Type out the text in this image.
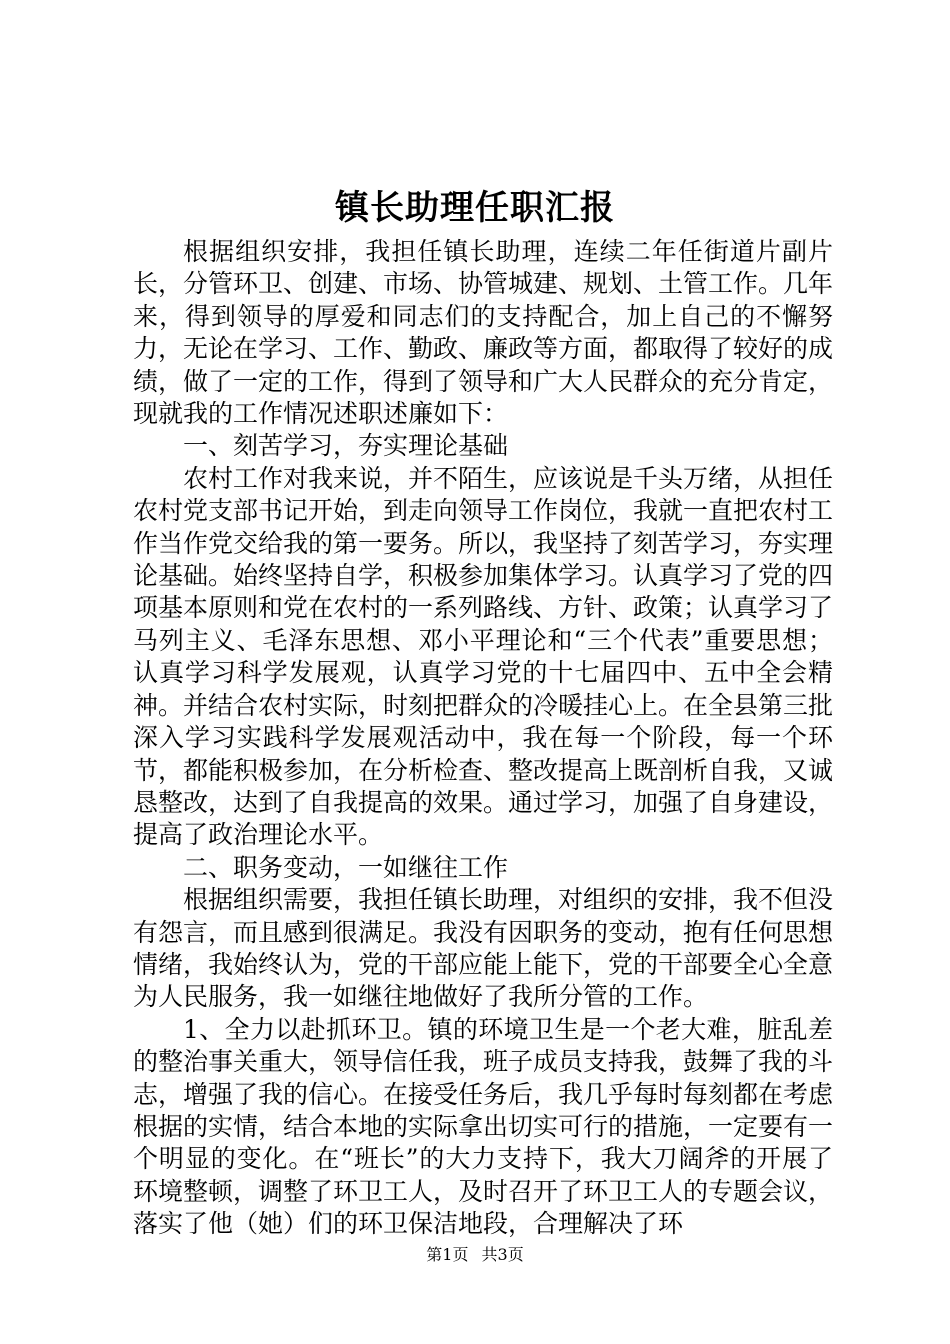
镇长助理任职汇报

根据组织安排，我担任镇长助理，连续二年任街道片副片长，分管环卫、创建、市场、协管城建、规划、土管工作。几年来，得到领导的厚爱和同志们的支持配合，加上自己的不懈努力，无论在学习、工作、勤政、廉政等方面，都取得了较好的成绩，做了一定的工作，得到了领导和广大人民群众的充分肯定，现就我的工作情况述职述廉如下：

一、刻苦学习，夯实理论基础

农村工作对我来说，并不陌生，应该说是千头万绪，从担任农村党支部书记开始，到走向领导工作岗位，我就一直把农村工作当作党交给我的第一要务。所以，我坚持了刻苦学习，夯实理论基础。始终坚持自学，积极参加集体学习。认真学习了党的四项基本原则和党在农村的一系列路线、方针、政策；认真学习了马列主义、毛泽东思想、邓小平理论和“三个代表”重要思想；认真学习科学发展观，认真学习党的十七届四中、五中全会精神。并结合农村实际，时刻把群众的冷暖挂心上。在全县第三批深入学习实践科学发展观活动中，我在每一个阶段，每一个环节，都能积极参加，在分析检查、整改提高上既剖析自我，又诚恳整改，达到了自我提高的效果。通过学习，加强了自身建设，提高了政治理论水平。

二、职务变动，一如继往工作

根据组织需要，我担任镇长助理，对组织的安排，我不但没有怨言，而且感到很满足。我没有因职务的变动，抱有任何思想情绪，我始终认为，党的干部应能上能下，党的干部要全心全意为人民服务，我一如继往地做好了我所分管的工作。

1、全力以赴抓环卫。镇的环境卫生是一个老大难，脏乱差的整治事关重大，领导信任我，班子成员支持我，鼓舞了我的斗志，增强了我的信心。在接受任务后，我几乎每时每刻都在考虑根据的实情，结合本地的实际拿出切实可行的措施，一定要有一个明显的变化。在“班长”的大力支持下，我大刀阔斧的开展了环境整顿，调整了环卫工人，及时召开了环卫工人的专题会议，落实了他（她）们的环卫保洁地段，合理解决了环

第1页 共3页
